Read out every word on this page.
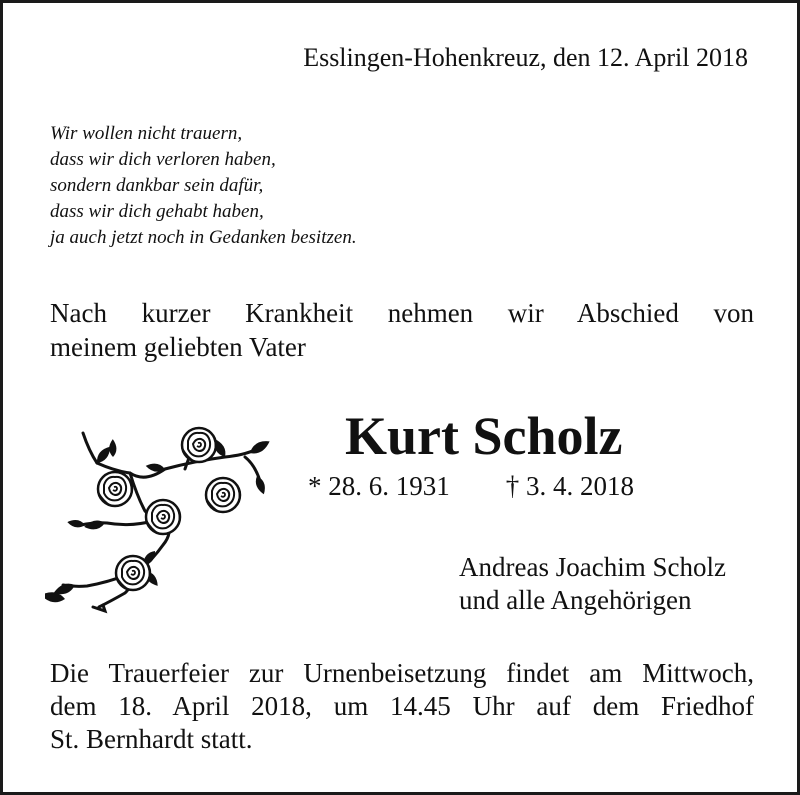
Esslingen-Hohenkreuz, den 12. April 2018
Wir wollen nicht trauern,
dass wir dich verloren haben,
sondern dankbar sein dafür,
dass wir dich gehabt haben,
ja auch jetzt noch in Gedanken besitzen.
Nach kurzer Krankheit nehmen wir Abschied von
meinem geliebten Vater
Kurt Scholz
* 28. 6. 1931 † 3. 4. 2018
Andreas Joachim Scholz
und alle Angehörigen
Die Trauerfeier zur Urnenbeisetzung findet am Mittwoch,
dem 18. April 2018, um 14.45 Uhr auf dem Friedhof
St. Bernhardt statt.
